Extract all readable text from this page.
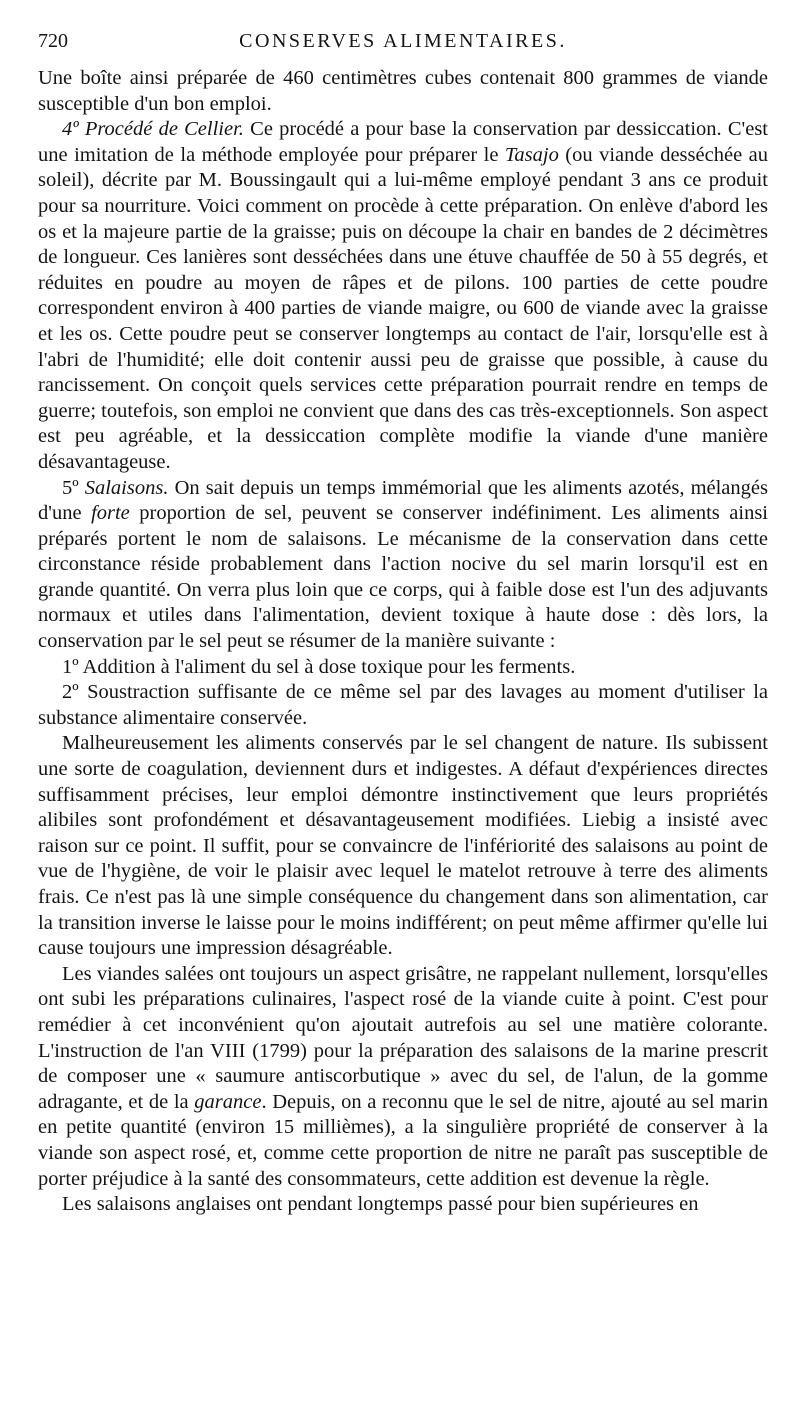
720	CONSERVES ALIMENTAIRES.

Une boîte ainsi préparée de 460 centimètres cubes contenait 800 grammes de viande susceptible d'un bon emploi.

4º Procédé de Cellier. Ce procédé a pour base la conservation par dessiccation. C'est une imitation de la méthode employée pour préparer le Tasajo (ou viande desséchée au soleil), décrite par M. Boussingault qui a lui-même employé pendant 3 ans ce produit pour sa nourriture. Voici comment on procède à cette préparation. On enlève d'abord les os et la majeure partie de la graisse; puis on découpe la chair en bandes de 2 décimètres de longueur. Ces lanières sont desséchées dans une étuve chauffée de 50 à 55 degrés, et réduites en poudre au moyen de râpes et de pilons. 100 parties de cette poudre correspondent environ à 400 parties de viande maigre, ou 600 de viande avec la graisse et les os. Cette poudre peut se conserver longtemps au contact de l'air, lorsqu'elle est à l'abri de l'humidité; elle doit contenir aussi peu de graisse que possible, à cause du rancissement. On conçoit quels services cette préparation pourrait rendre en temps de guerre; toutefois, son emploi ne convient que dans des cas très-exceptionnels. Son aspect est peu agréable, et la dessiccation complète modifie la viande d'une manière désavantageuse.

5º Salaisons. On sait depuis un temps immémorial que les aliments azotés, mélangés d'une forte proportion de sel, peuvent se conserver indéfiniment. Les aliments ainsi préparés portent le nom de salaisons. Le mécanisme de la conservation dans cette circonstance réside probablement dans l'action nocive du sel marin lorsqu'il est en grande quantité. On verra plus loin que ce corps, qui à faible dose est l'un des adjuvants normaux et utiles dans l'alimentation, devient toxique à haute dose : dès lors, la conservation par le sel peut se résumer de la manière suivante :

1º Addition à l'aliment du sel à dose toxique pour les ferments.

2º Soustraction suffisante de ce même sel par des lavages au moment d'utiliser la substance alimentaire conservée.

Malheureusement les aliments conservés par le sel changent de nature. Ils subissent une sorte de coagulation, deviennent durs et indigestes. A défaut d'expériences directes suffisamment précises, leur emploi démontre instinctivement que leurs propriétés alibiles sont profondément et désavantageusement modifiées. Liebig a insisté avec raison sur ce point. Il suffit, pour se convaincre de l'infériorité des salaisons au point de vue de l'hygiène, de voir le plaisir avec lequel le matelot retrouve à terre des aliments frais. Ce n'est pas là une simple conséquence du changement dans son alimentation, car la transition inverse le laisse pour le moins indifférent; on peut même affirmer qu'elle lui cause toujours une impression désagréable.

Les viandes salées ont toujours un aspect grisâtre, ne rappelant nullement, lorsqu'elles ont subi les préparations culinaires, l'aspect rosé de la viande cuite à point. C'est pour remédier à cet inconvénient qu'on ajoutait autrefois au sel une matière colorante. L'instruction de l'an VIII (1799) pour la préparation des salaisons de la marine prescrit de composer une « saumure antiscorbutique » avec du sel, de l'alun, de la gomme adragante, et de la garance. Depuis, on a reconnu que le sel de nitre, ajouté au sel marin en petite quantité (environ 15 millièmes), a la singulière propriété de conserver à la viande son aspect rosé, et, comme cette proportion de nitre ne paraît pas susceptible de porter préjudice à la santé des consommateurs, cette addition est devenue la règle.

Les salaisons anglaises ont pendant longtemps passé pour bien supérieures en
